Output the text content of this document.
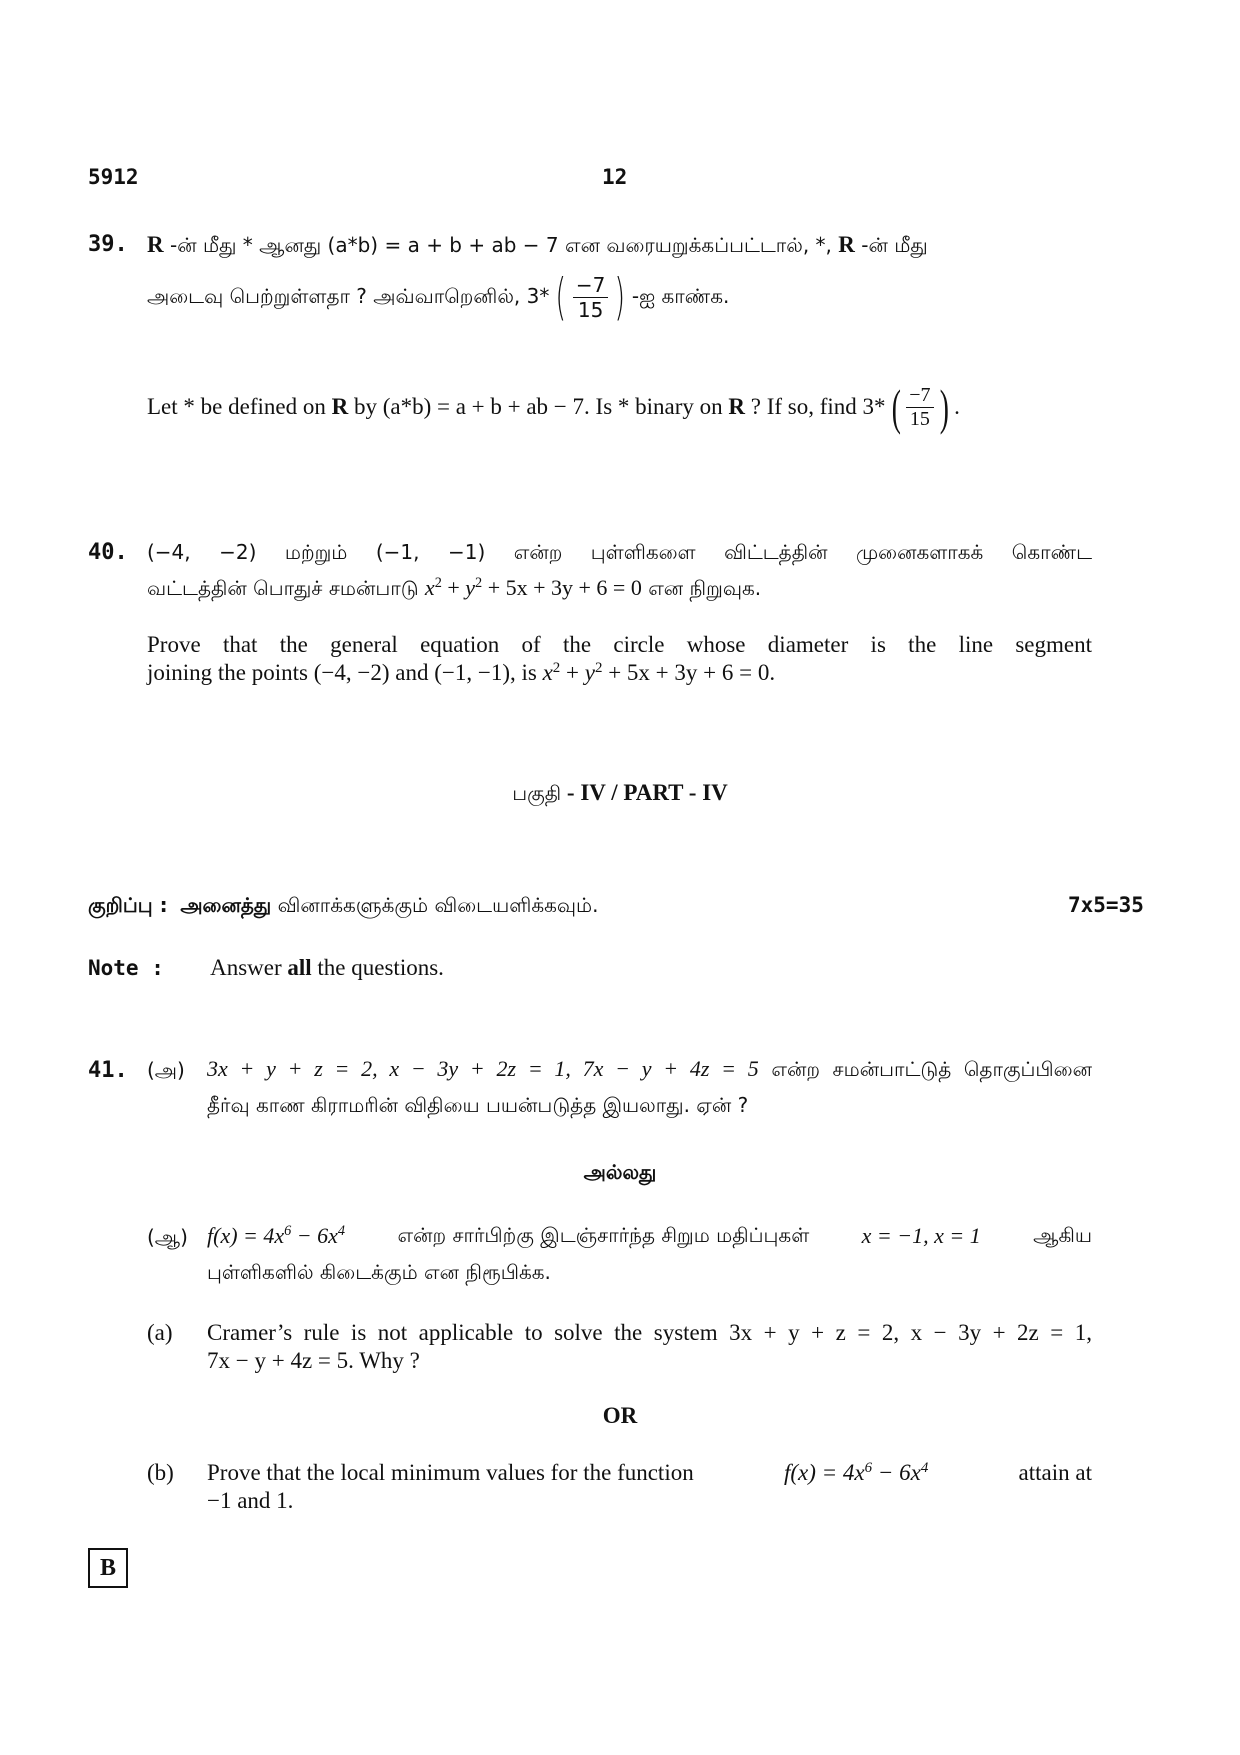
5912	12
39. R -ன் மீது * ஆனது (a*b) = a + b + ab − 7 என வரையறுக்கப்பட்டால், *, R -ன் மீது
அடைவு பெற்றுள்ளதா ? அவ்வாறெனில், 3* ( −7
15 ) -ஐ காண்க.
Let * be defined on
R
by (a*b) = a + b + ab − 7. Is * binary on
R
? If so, find 3* ( −7
15 ) .
40. (−4, −2) மற்றும் (−1, −1) என்ற புள்ளிகளை விட்டத்தின் முனைகளாகக் கொண்ட
வட்டத்தின் பொதுச் சமன்பாடு $x^2 + y^2 + 5x + 3y + 6 = 0$ என நிறுவுக.
Prove that the general equation of the circle whose diameter is the line segment
joining the points (−4, −2) and (−1, −1), is $x^2 + y^2 + 5x + 3y + 6 = 0$.
பகுதி - IV / PART - IV
குறிப்பு : அனைத்து வினாக்களுக்கும் விடையளிக்கவும்.	7x5=35
Note : Answer all the questions.
41. (அ) 3x + y + z = 2, x − 3y + 2z = 1, 7x − y + 4z = 5 என்ற சமன்பாட்டுத் தொகுப்பினை
தீர்வு காண கிராமரின் விதியை பயன்படுத்த இயலாது. ஏன் ?
அல்லது
(ஆ) $f(x) = 4x^6 - 6x^4$	என்ற சார்பிற்கு இடஞ்சார்ந்த சிறும மதிப்புகள் x = −1, x = 1	ஆகிய
புள்ளிகளில் கிடைக்கும் என நிரூபிக்க.
(a) Cramer’s rule is not applicable to solve the system 3x + y + z = 2, x − 3y + 2z = 1,
7x − y + 4z = 5. Why ?
OR
(b) Prove that the local minimum values for the function	$f(x) = 4x^6 - 6x^4$	attain at
−1 and 1.
B
